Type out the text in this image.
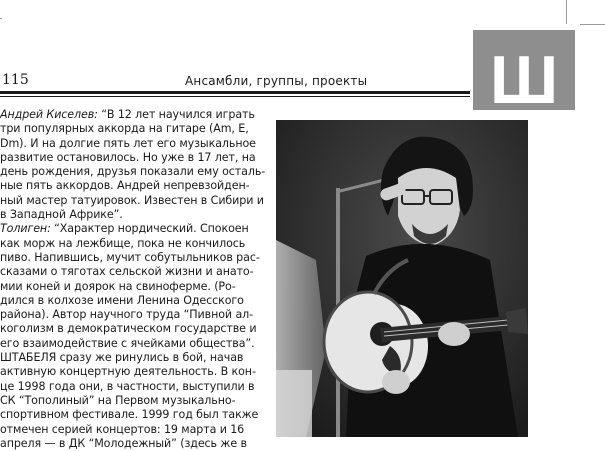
115	Ансамбли, группы, проекты Ш

Андрей Киселев: “В 12 лет научился играть
три популярных аккорда на гитаре (Am, E,
Dm). И на долгие пять лет его музыкальное
развитие остановилось. Но уже в 17 лет, на
день рождения, друзья показали ему осталь-
ные пять аккордов. Андрей непревзойден-
ный мастер татуировок. Известен в Сибири и
в Западной Африке”.

Толиген: “Характер нордический. Спокоен
как морж на лежбище, пока не кончилось
пиво. Напившись, мучит собутыльников рас-
сказами о тяготах сельской жизни и анато-
мии коней и доярок на свиноферме. (Ро-
дился в колхозе имени Ленина Одесского
района). Автор научного труда “Пивной ал-
коголизм в демократическом государстве и
его взаимодействие с ячейками общества”.

ШТАБЕЛЯ сразу же ринулись в бой, начав
активную концертную деятельность. В кон-
це 1998 года они, в частности, выступили в
СК “Тополиный” на Первом музыкально-
спортивном фестивале. 1999 год был также
отмечен серией концертов: 19 марта и 16
апреля — в ДК “Молодежный” (здесь же в
